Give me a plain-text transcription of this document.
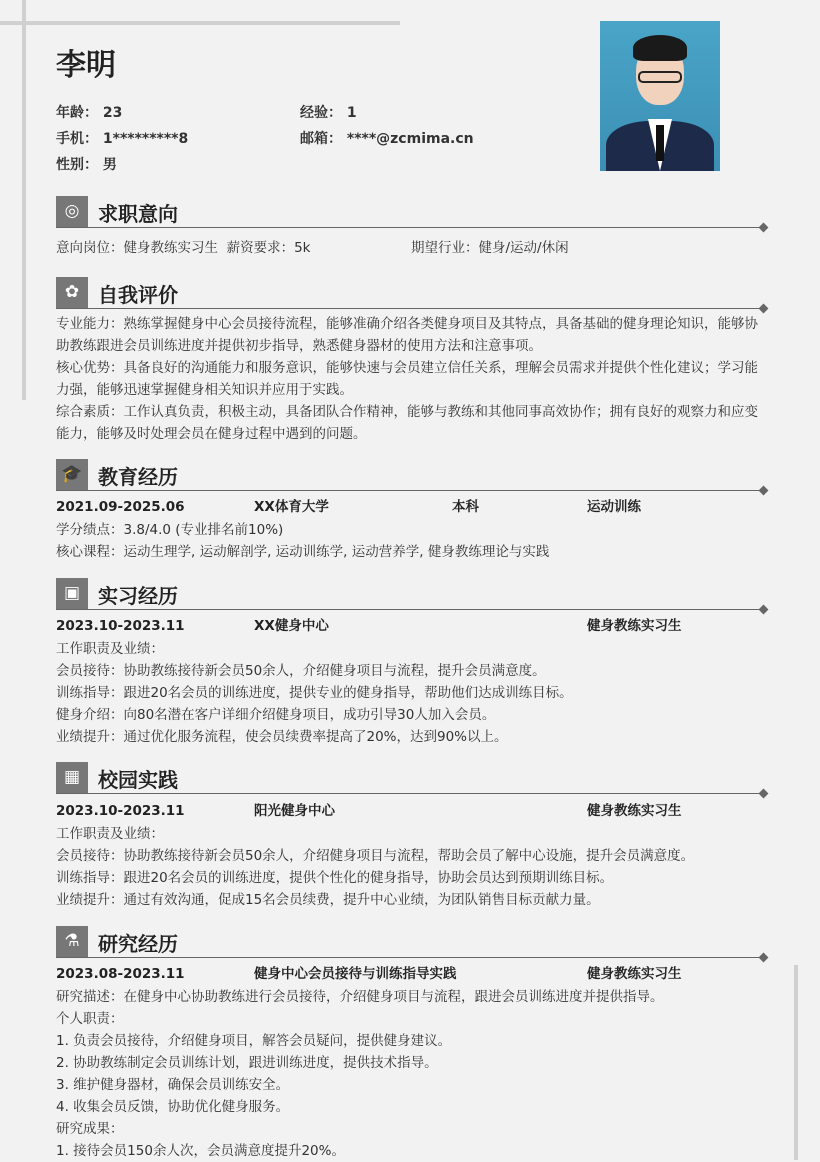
李明
年龄： 23	经验： 1
手机： 1*********8	邮箱： ****@zcmima.cn
性别： 男
◎ 求职意向
意向岗位：健身教练实习生 薪资要求：5k	期望行业：健身/运动/休闲
✿ 自我评价
专业能力：熟练掌握健身中心会员接待流程，能够准确介绍各类健身项目及其特点，具备基础的健身理论知识，能够协助教练跟进会员训练进度并提供初步指导，熟悉健身器材的使用方法和注意事项。
核心优势：具备良好的沟通能力和服务意识，能够快速与会员建立信任关系，理解会员需求并提供个性化建议；学习能力强，能够迅速掌握健身相关知识并应用于实践。
综合素质：工作认真负责，积极主动，具备团队合作精神，能够与教练和其他同事高效协作；拥有良好的观察力和应变能力，能够及时处理会员在健身过程中遇到的问题。
🎓 教育经历
2021.09-2025.06	XX体育大学	本科	运动训练
学分绩点：3.8/4.0 (专业排名前10%)
核心课程：运动生理学, 运动解剖学, 运动训练学, 运动营养学, 健身教练理论与实践
▣ 实习经历
2023.10-2023.11	XX健身中心	健身教练实习生
工作职责及业绩：
会员接待：协助教练接待新会员50余人，介绍健身项目与流程，提升会员满意度。
训练指导：跟进20名会员的训练进度，提供专业的健身指导，帮助他们达成训练目标。
健身介绍：向80名潜在客户详细介绍健身项目，成功引导30人加入会员。
业绩提升：通过优化服务流程，使会员续费率提高了20%，达到90%以上。
▦ 校园实践
2023.10-2023.11	阳光健身中心	健身教练实习生
工作职责及业绩：
会员接待：协助教练接待新会员50余人，介绍健身项目与流程，帮助会员了解中心设施，提升会员满意度。
训练指导：跟进20名会员的训练进度，提供个性化的健身指导，协助会员达到预期训练目标。
业绩提升：通过有效沟通，促成15名会员续费，提升中心业绩，为团队销售目标贡献力量。
⚗ 研究经历
2023.08-2023.11	健身中心会员接待与训练指导实践	健身教练实习生
研究描述：在健身中心协助教练进行会员接待，介绍健身项目与流程，跟进会员训练进度并提供指导。
个人职责：
1. 负责会员接待，介绍健身项目，解答会员疑问，提供健身建议。
2. 协助教练制定会员训练计划，跟进训练进度，提供技术指导。
3. 维护健身器材，确保会员训练安全。
4. 收集会员反馈，协助优化健身服务。
研究成果：
1. 接待会员150余人次，会员满意度提升20%。
